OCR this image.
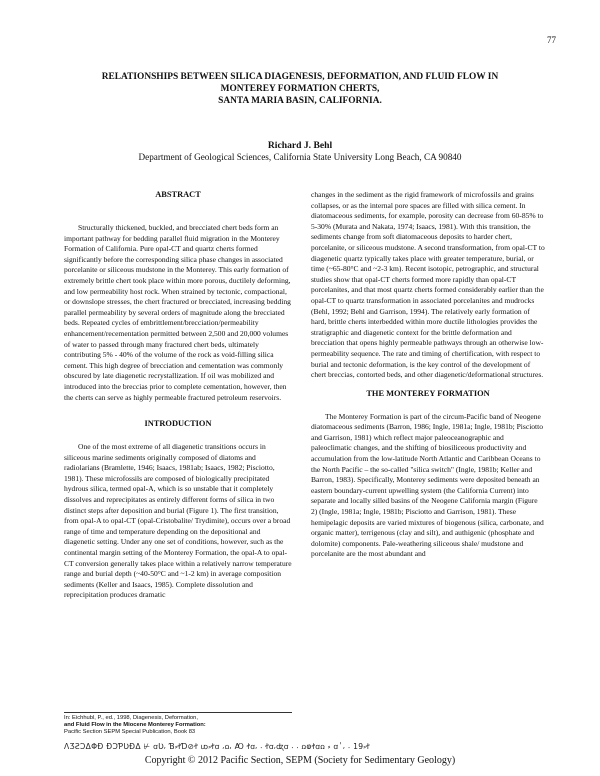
77
RELATIONSHIPS BETWEEN SILICA DIAGENESIS, DEFORMATION, AND FLUID FLOW IN
MONTEREY FORMATION CHERTS,
SANTA MARIA BASIN, CALIFORNIA.
Richard J. Behl
Department of Geological Sciences, California State University Long Beach, CA 90840
ABSTRACT

Structurally thickened, buckled, and brecciated chert beds form an important pathway for bedding parallel fluid migration in the Monterey Formation of California. Pure opal-CT and quartz cherts formed significantly before the corresponding silica phase changes in associated porcelanite or siliceous mudstone in the Monterey. This early formation of extremely brittle chert took place within more porous, ductilely deforming, and low permeability host rock. When strained by tectonic, compactional, or downslope stresses, the chert fractured or brecciated, increasing bedding parallel permeability by several orders of magnitude along the brecciated beds. Repeated cycles of embrittlement/brecciation/permeability enhancement/recementation permitted between 2,500 and 20,000 volumes of water to passed through many fractured chert beds, ultimately contributing 5% - 40% of the volume of the rock as void-filling silica cement. This high degree of brecciation and cementation was commonly obscured by late diagenetic recrystallization. If oil was mobilized and introduced into the breccias prior to complete cementation, however, then the cherts can serve as highly permeable fractured petroleum reservoirs.

INTRODUCTION

One of the most extreme of all diagenetic transitions occurs in siliceous marine sediments originally composed of diatoms and radiolarians (Bramlette, 1946; Isaacs, 1981ab; Isaacs, 1982; Pisciotto, 1981). These microfossils are composed of biologically precipitated hydrous silica, termed opal-A, which is so unstable that it completely dissolves and reprecipitates as entirely different forms of silica in two distinct steps after deposition and burial (Figure 1). The first transition, from opal-A to opal-CT (opal-Cristobalite/ Trydimite), occurs over a broad range of time and temperature depending on the depositional and diagenetic setting. Under any one set of conditions, however, such as the continental margin setting of the Monterey Formation, the opal-A to opal-CT conversion generally takes place within a relatively narrow temperature range and burial depth (~40-50°C and ~1-2 km) in average composition sediments (Keller and Isaacs, 1985). Complete dissolution and reprecipitation produces dramatic

changes in the sediment as the rigid framework of microfossils and grains collapses, or as the internal pore spaces are filled with silica cement. In diatomaceous sediments, for example, porosity can decrease from 60-85% to 5-30% (Murata and Nakata, 1974; Isaacs, 1981). With this transition, the sediments change from soft diatomaceous deposits to harder chert, porcelanite, or siliceous mudstone. A second transformation, from opal-CT to diagenetic quartz typically takes place with greater temperature, burial, or time (~65-80°C and ~2-3 km). Recent isotopic, petrographic, and structural studies show that opal-CT cherts formed more rapidly than opal-CT porcelanites, and that most quartz cherts formed considerably earlier than the opal-CT to quartz transformation in associated porcelanites and mudrocks (Behl, 1992; Behl and Garrison, 1994). The relatively early formation of hard, brittle cherts interbedded within more ductile lithologies provides the stratigraphic and diagenetic context for the brittle deformation and brecciation that opens highly permeable pathways through an otherwise low-permeability sequence. The rate and timing of chertification, with respect to burial and tectonic deformation, is the key control of the development of chert breccias, contorted beds, and other diagenetic/deformational structures.

THE MONTEREY FORMATION

The Monterey Formation is part of the circum-Pacific band of Neogene diatomaceous sediments (Barron, 1986; Ingle, 1981a; Ingle, 1981b; Pisciotto and Garrison, 1981) which reflect major paleoceanographic and paleoclimatic changes, and the shifting of biosiliceous productivity and accumulation from the low-latitude North Atlantic and Caribbean Oceans to the North Pacific – the so-called "silica switch" (Ingle, 1981b; Keller and Barron, 1983). Specifically, Monterey sediments were deposited beneath an eastern boundary-current upwelling system (the California Current) into separate and locally silled basins of the Neogene California margin (Figure 2) (Ingle, 1981a; Ingle, 1981b; Pisciotto and Garrison, 1981). These hemipelagic deposits are varied mixtures of biogenous (silica, carbonate, and organic matter), terrigenous (clay and silt), and authigenic (phosphate and dolomite) components. Pale-weathering siliceous shale/ mudstone and porcelanite are the most abundant and

In: Eichhubl, P., ed., 1998, Diagenesis, Deformation,
and Fluid Flow in the Miocene Monterey Formation:
Pacific Section SEPM Special Publication, Book 83
ΛƷƧƆΔΦÐ ÐƆƤƲÐΔ ⊬ ꭤƲ⸴ Ɓ⸗ꬷƊ⊘ꬷ ꭣ⸗ꬷꭤ ⸴ꭥ⸴ Ꜵ ꬷꭤ⸴ ⸳ ꬷꭤ⸴ꭦꭤ ⸳ ⸳ ꭥⱷꬷꭤꭥ ⸗ ꭤⸯ⸴ ⸳ 19⸗ꬷ
Copyright © 2012 Pacific Section, SEPM (Society for Sedimentary Geology)
